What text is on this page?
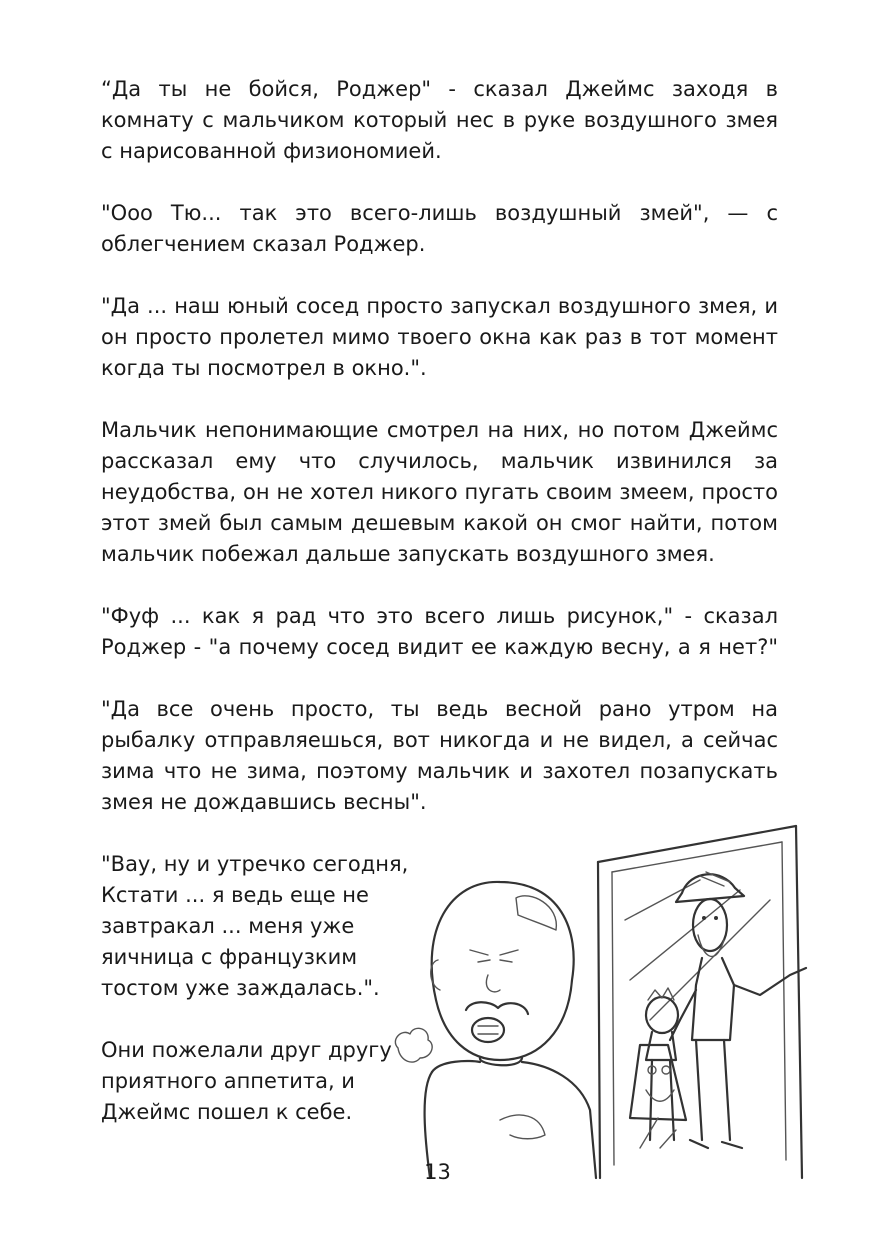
“Да ты не бойся, Роджер" - сказал Джеймс заходя в комнату с мальчиком который нес в руке воздушного змея с нарисованной физиономией.

"Ооо Тю... так это всего-лишь воздушный змей", — с облегчением сказал Роджер.

"Да ... наш юный сосед просто запускал воздушного змея, и он просто пролетел мимо твоего окна как раз в тот момент когда ты посмотрел в окно.".

Мальчик непонимающие смотрел на них, но потом Джеймс рассказал ему что случилось, мальчик извинился за неудобства, он не хотел никого пугать своим змеем, просто этот змей был самым дешевым какой он смог найти, потом мальчик побежал дальше запускать воздушного змея.

"Фуф ... как я рад что это всего лишь рисунок," - сказал Роджер - "а почему сосед видит ее каждую весну, а я нет?"

"Да все очень просто, ты ведь весной рано утром на рыбалку отправляешься, вот никогда и не видел, а сейчас зима что не зима, поэтому мальчик и захотел позапускать змея не дождавшись весны".

"Вау, ну и утречко сегодня,
Кстати ... я ведь еще не
завтракал ... меня уже
яичница с французким
тостом уже заждалась.".

Они пожелали друг другу
приятного аппетита, и
Джеймс пошел к себе.

13
